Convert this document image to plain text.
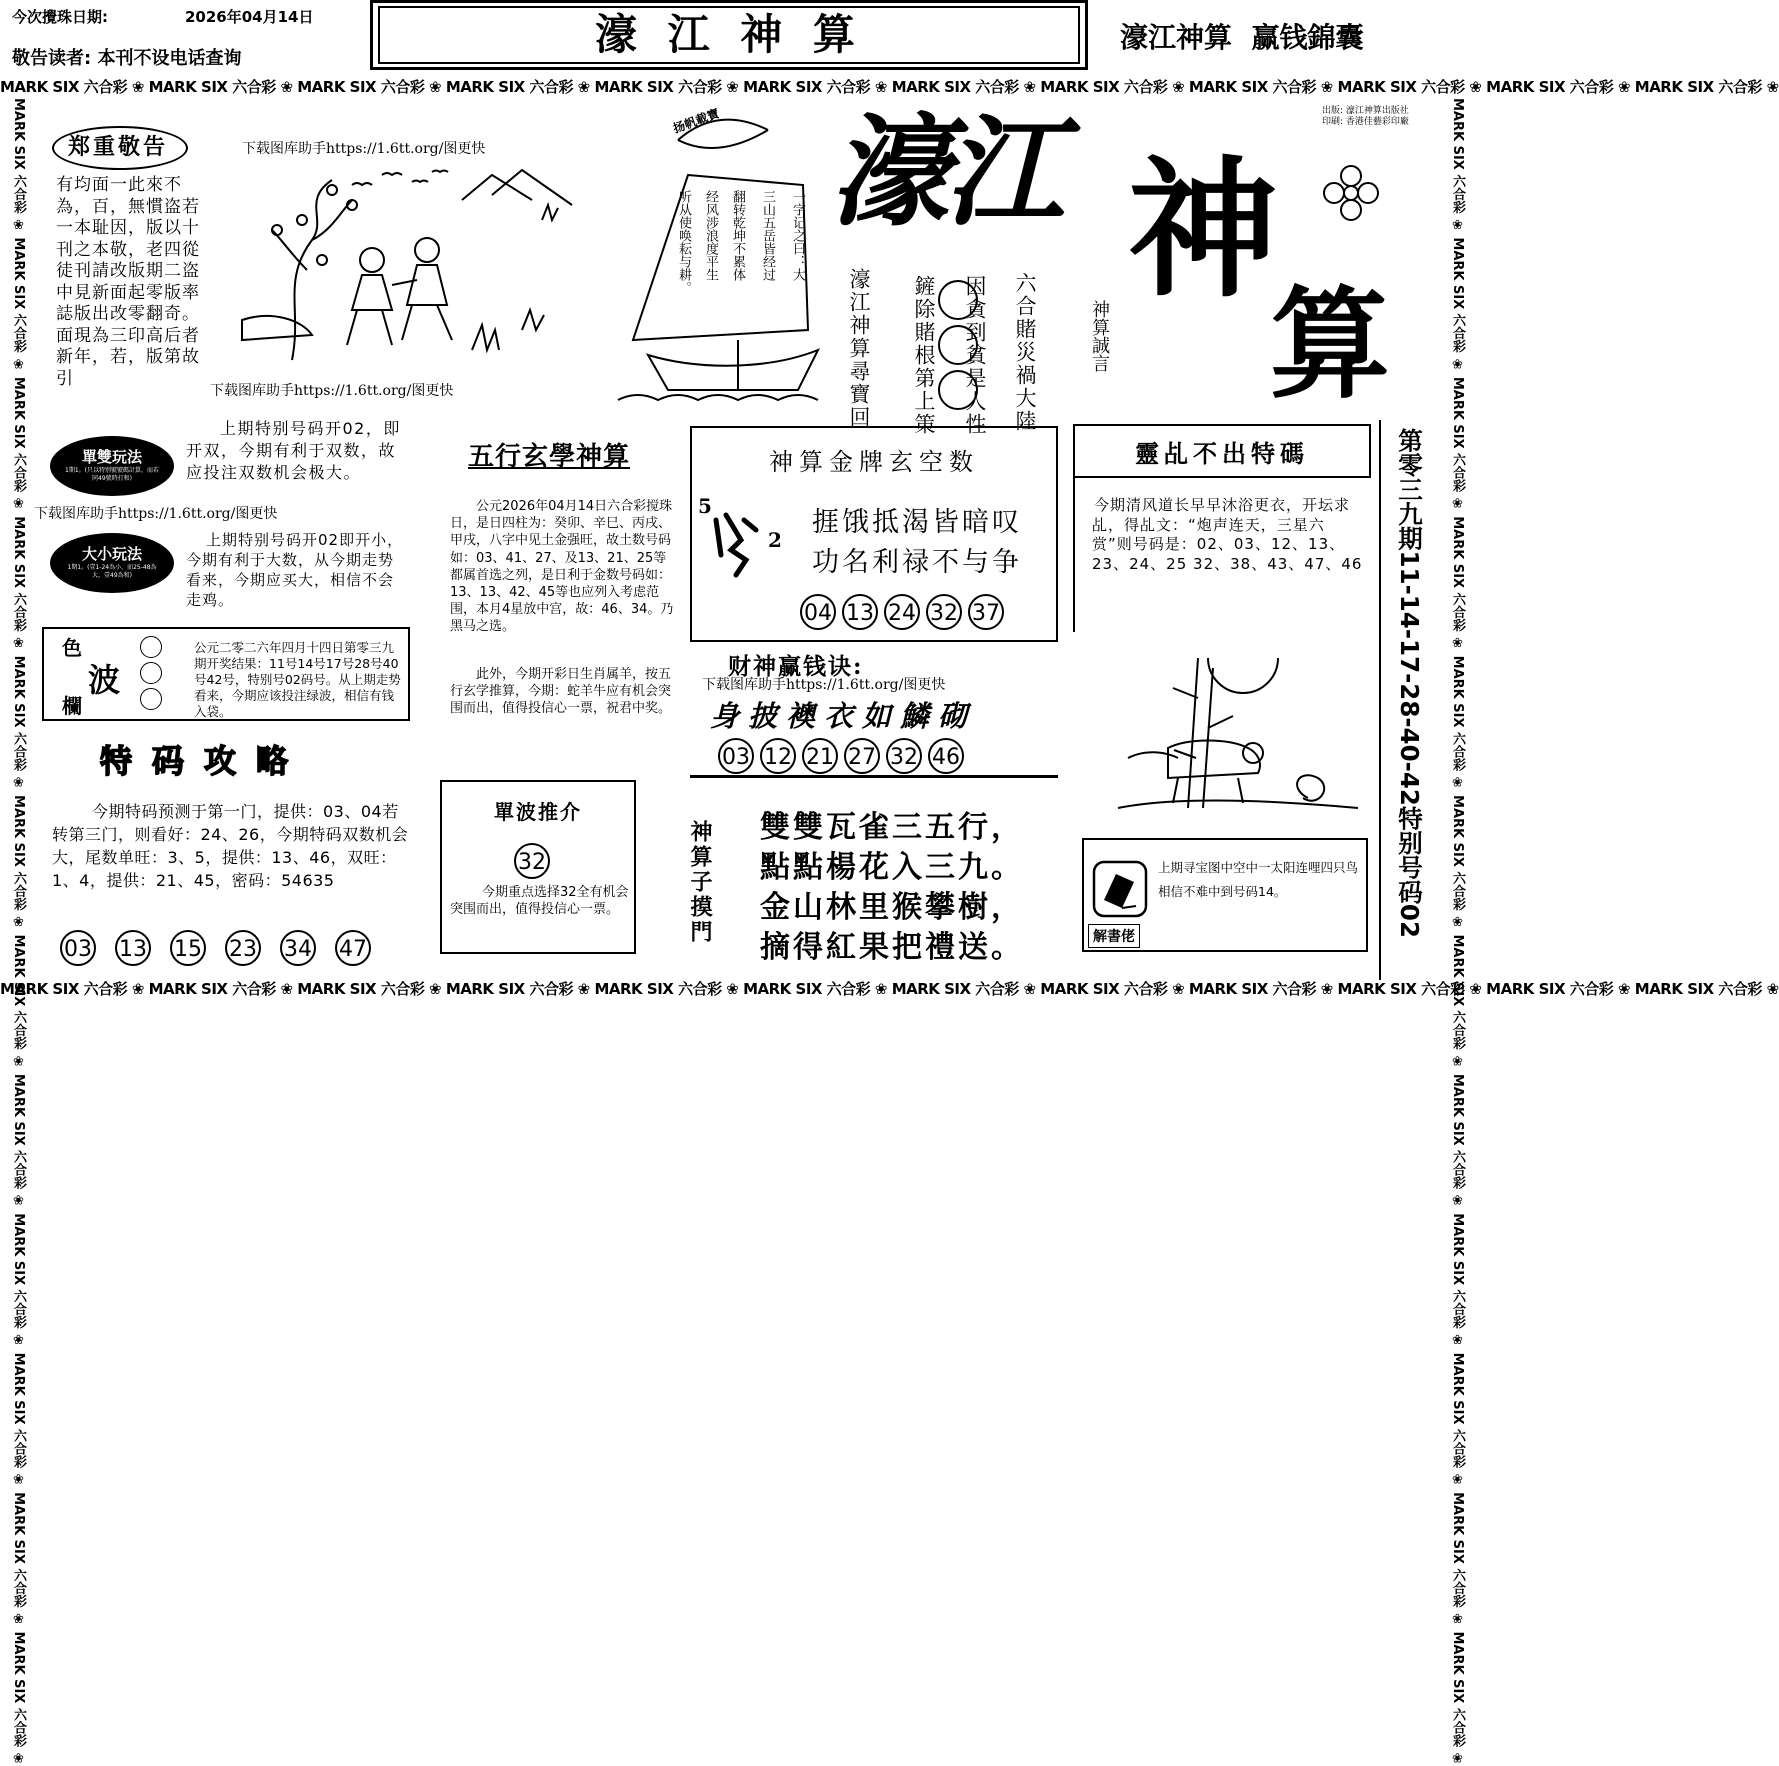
今次攪珠日期:	2026年04月14日
敬告读者: 本刊不设电话查询	濠 江 神 算	濠江神算  赢钱錦囊
MARK SIX 六合彩 ❀ MARK SIX 六合彩 ❀ MARK SIX 六合彩 ❀ MARK SIX 六合彩 ❀ MARK SIX 六合彩 ❀ MARK SIX 六合彩 ❀ MARK SIX 六合彩 ❀ MARK SIX 六合彩 ❀ MARK SIX 六合彩 ❀ MARK SIX 六合彩 ❀ MARK SIX 六合彩 ❀ MARK SIX 六合彩 ❀
MARK SIX 六合彩 ❀ MARK SIX 六合彩 ❀ MARK SIX 六合彩 ❀ MARK SIX 六合彩 ❀ MARK SIX 六合彩 ❀ MARK SIX 六合彩 ❀ MARK SIX 六合彩 ❀ MARK SIX 六合彩 ❀ MARK SIX 六合彩 ❀ MARK SIX 六合彩 ❀ MARK SIX 六合彩 ❀ MARK SIX 六合彩 ❀
MARK SIX 六合彩 ❀ MARK SIX 六合彩 ❀ MARK SIX 六合彩 ❀ MARK SIX 六合彩 ❀ MARK SIX 六合彩 ❀ MARK SIX 六合彩 ❀ MARK SIX 六合彩 ❀ MARK SIX 六合彩 ❀ MARK SIX 六合彩 ❀ MARK SIX 六合彩 ❀ MARK SIX 六合彩 ❀ MARK SIX 六合彩 ❀	MARK SIX 六合彩 ❀ MARK SIX 六合彩 ❀ MARK SIX 六合彩 ❀ MARK SIX 六合彩 ❀ MARK SIX 六合彩 ❀ MARK SIX 六合彩 ❀ MARK SIX 六合彩 ❀ MARK SIX 六合彩 ❀ MARK SIX 六合彩 ❀ MARK SIX 六合彩 ❀ MARK SIX 六合彩 ❀ MARK SIX 六合彩 ❀
出版: 濠江神算出版社
印刷: 香港佳藝彩印廠
郑重敬告
有均面一此來不為，百，無慣盗若一本耻因，版以十刊之本敬，老四從徒刊請改版期二盗中見新面起零版率誌版出改零翻奇。面現為三印高后者新年，若，版第故引
下载图库助手https://1.6tt.org/图更快
下载图库助手https://1.6tt.org/图更快
扬帆載寶
一字记之曰：大
三山五岳皆经过
翻转乾坤不累体
经风涉浪度平生
听从使唤耘与耕。 濠江 神
算
濠江神算尋寶回 鏟除賭根第上策 因貪到貧是人性 六合賭災禍大陸	神算誠言
單雙玩法
1期1。(只以特別號號碼計算，而若同49號時打和)
上期特别号码开02，即开双，今期有利于双数，故应投注双数机会极大。
下载图库助手https://1.6tt.org/图更快
大小玩法
1期1。(壹1-24為小，而25-48為大，壹49為和)
上期特别号码开02即开小，今期有利于大数，从今期走势看来，今期应买大，相信不会走鸡。
色
波
欄
公元二零二六年四月十四日第零三九期开奖结果：11号14号17号28号40号42号，特别号02码号。从上期走势看来，今期应该投注绿波，相信有钱入袋。
特码攻略
今期特码预测于第一门，提供：03、04若转第三门，则看好：24、26，今期特码双数机会大，尾数单旺：3、5，提供：13、46，双旺：1、4，提供：21、45，密码：54635
03 13 15 23 34 47
五行玄學神算
公元2026年04月14日六合彩搅珠日，是日四柱为：癸卯、辛巳、丙戌、甲戌，八字中见土金强旺，故土数号码如：03、41、27、及13、21、25等都属首选之列，是日利于金数号码如：13、13、42、45等也应列入考虑范围，本月4星放中宫，故：46、34。乃黑马之选。
此外，今期开彩日生肖属羊，按五行玄学推算，今期：蛇羊牛应有机会突围而出，值得投信心一票，祝君中奖。
單波推介
32
今期重点选择32全有机会突围而出，值得投信心一票。
神算金牌玄空数
5
2
捱饿抵渴皆暗叹
功名利禄不与争
04 13 24 32 37
财神赢钱诀:
下载图库助手https://1.6tt.org/图更快
身披襖衣如鱗砌
03 12 21 27 32 46
神算子摸門 雙雙瓦雀三五行，
點點楊花入三九。
金山林里猴攀樹，
摘得紅果把禮送。
靈乩不出特碼
今期清风道长早早沐浴更衣，开坛求乩，得乩文：“炮声连天，三星六赏”则号码是：02、03、12、13、23、24、25 32、38、43、47、46
上期寻宝图中空中一太阳连哩四只鸟相信不难中到号码14。
解書佬	第零三九期11-14-17-28-40-42特别号码02
